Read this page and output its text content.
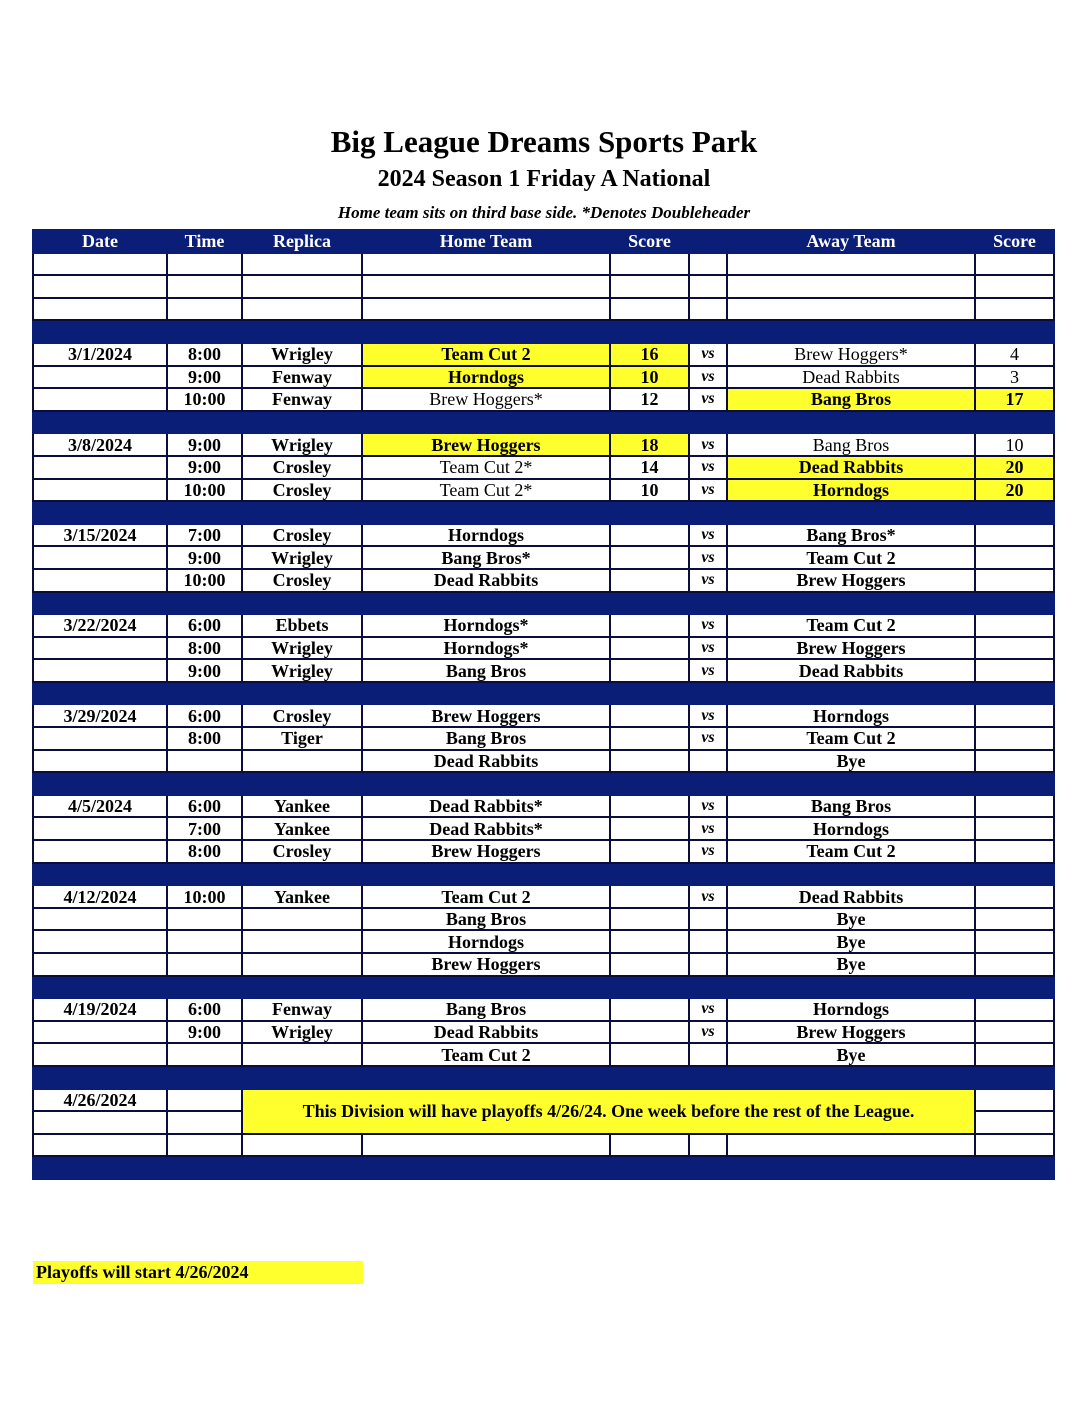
Big League Dreams Sports Park
2024 Season 1 Friday A National
Home team sits on third base side. *Denotes Doubleheader
Date	Time	Replica	Home Team	Score		Away Team	Score

3/1/2024	8:00	Wrigley	Team Cut 2	16	vs	Brew Hoggers*	4
	9:00	Fenway	Horndogs	10	vs	Dead Rabbits	3
	10:00	Fenway	Brew Hoggers*	12	vs	Bang Bros	17

3/8/2024	9:00	Wrigley	Brew Hoggers	18	vs	Bang Bros	10
	9:00	Crosley	Team Cut 2*	14	vs	Dead Rabbits	20
	10:00	Crosley	Team Cut 2*	10	vs	Horndogs	20

3/15/2024	7:00	Crosley	Horndogs		vs	Bang Bros*	
	9:00	Wrigley	Bang Bros*		vs	Team Cut 2	
	10:00	Crosley	Dead Rabbits		vs	Brew Hoggers	

3/22/2024	6:00	Ebbets	Horndogs*		vs	Team Cut 2	
	8:00	Wrigley	Horndogs*		vs	Brew Hoggers	
	9:00	Wrigley	Bang Bros		vs	Dead Rabbits	

3/29/2024	6:00	Crosley	Brew Hoggers		vs	Horndogs	
	8:00	Tiger	Bang Bros		vs	Team Cut 2	
			Dead Rabbits			Bye	

4/5/2024	6:00	Yankee	Dead Rabbits*		vs	Bang Bros	
	7:00	Yankee	Dead Rabbits*		vs	Horndogs	
	8:00	Crosley	Brew Hoggers		vs	Team Cut 2	

4/12/2024	10:00	Yankee	Team Cut 2		vs	Dead Rabbits	
			Bang Bros			Bye	
			Horndogs			Bye	
			Brew Hoggers			Bye	

4/19/2024	6:00	Fenway	Bang Bros		vs	Horndogs	
	9:00	Wrigley	Dead Rabbits		vs	Brew Hoggers	
			Team Cut 2			Bye	

4/26/2024		This Division will have playoffs 4/26/24. One week before the rest of the League.					

Playoffs will start 4/26/2024
